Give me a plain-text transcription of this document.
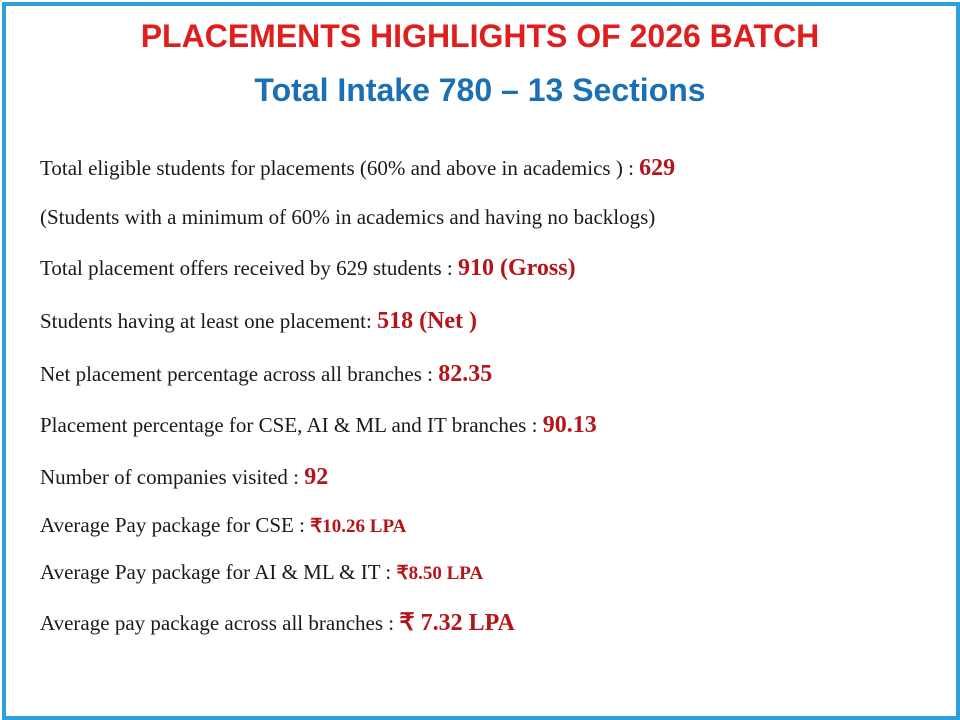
PLACEMENTS HIGHLIGHTS OF 2026 BATCH
Total Intake 780 – 13 Sections
Total eligible students for placements (60% and above in academics ) : 629
(Students with a minimum of 60% in academics and having no backlogs)
Total placement offers received by 629 students : 910 (Gross)
Students having at least one placement: 518 (Net )
Net placement percentage across all branches : 82.35
Placement percentage for CSE, AI & ML and IT branches : 90.13
Number of companies visited : 92
Average Pay package for CSE : ₹10.26 LPA
Average Pay package for AI & ML & IT : ₹8.50 LPA
Average pay package across all branches : ₹ 7.32 LPA
